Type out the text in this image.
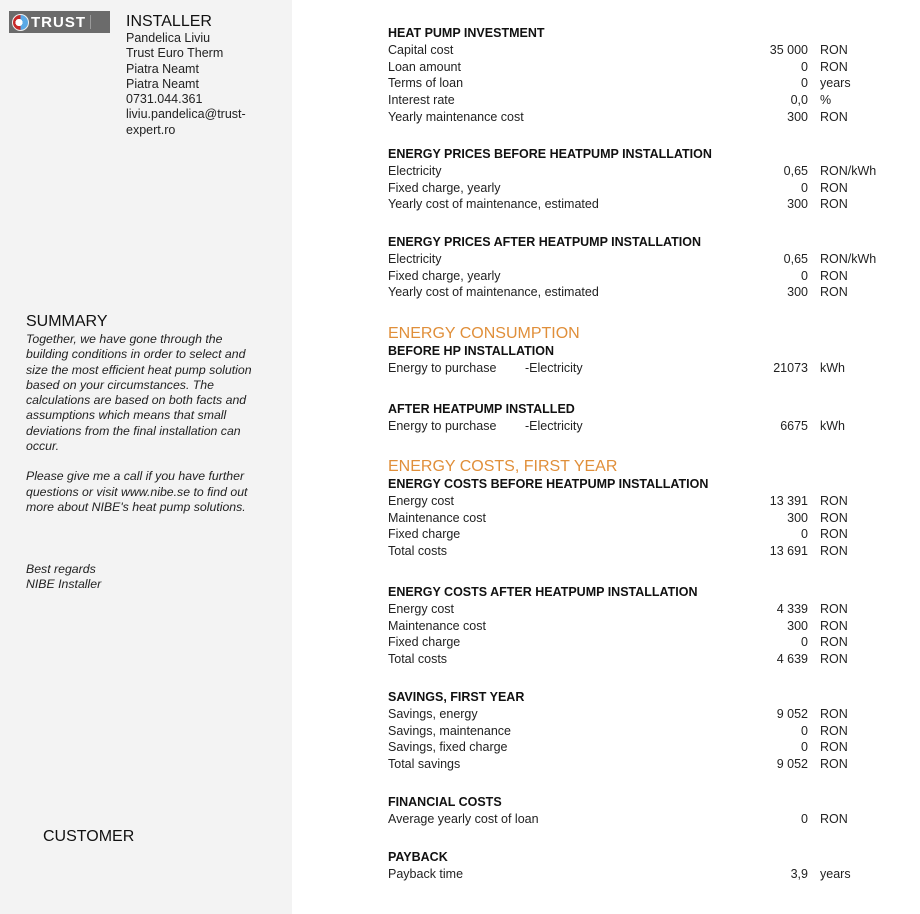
TRUST	INSTALLER
Pandelica Liviu
Trust Euro Therm
Piatra Neamt
Piatra Neamt
0731.044.361
liviu.pandelica@trust-
expert.ro
SUMMARY
Together, we have gone through the building conditions in order to select and size the most efficient heat pump solution based on your circumstances. The calculations are based on both facts and assumptions which means that small deviations from the final installation can occur.
Please give me a call if you have further questions or visit www.nibe.se to find out more about NIBE's heat pump solutions.
Best regards
NIBE Installer
CUSTOMER
HEAT PUMP INVESTMENT
Capital cost	35 000 RON
Loan amount	0 RON
Terms of loan	0 years
Interest rate	0,0 %
Yearly maintenance cost	300 RON
ENERGY PRICES BEFORE HEATPUMP INSTALLATION
Electricity	0,65 RON/kWh
Fixed charge, yearly	0 RON
Yearly cost of maintenance, estimated	300 RON
ENERGY PRICES AFTER HEATPUMP INSTALLATION
Electricity	0,65 RON/kWh
Fixed charge, yearly	0 RON
Yearly cost of maintenance, estimated	300 RON
ENERGY CONSUMPTION
BEFORE HP INSTALLATION
Energy to purchase -Electricity	21073 kWh
AFTER HEATPUMP INSTALLED
Energy to purchase -Electricity	6675 kWh
ENERGY COSTS, FIRST YEAR
ENERGY COSTS BEFORE HEATPUMP INSTALLATION
Energy cost	13 391 RON
Maintenance cost	300 RON
Fixed charge	0 RON
Total costs	13 691 RON
ENERGY COSTS AFTER HEATPUMP INSTALLATION
Energy cost	4 339 RON
Maintenance cost	300 RON
Fixed charge	0 RON
Total costs	4 639 RON
SAVINGS, FIRST YEAR
Savings, energy	9 052 RON
Savings, maintenance	0 RON
Savings, fixed charge	0 RON
Total savings	9 052 RON
FINANCIAL COSTS
Average yearly cost of loan	0 RON
PAYBACK
Payback time	3,9 years
